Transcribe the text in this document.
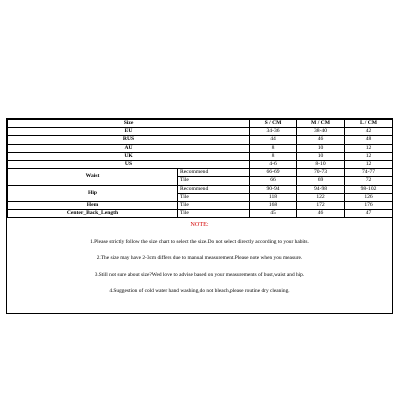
Size		S / CM	M / CM	L / CM
EU		34-36	38-40	42
RUS		44	46	48
AU		8	10	12
UK		8	10	12
US		4-6	8-10	12
Waist	Recommend	66-69	70-73	74-77
	Tile	66	69	72
Hip	Recommend	90-94	94-98	98-102
	Tile	118	122	126
Hem	Tile	168	172	176
Center_Back_Length	Tile	45	46	47
NOTE:
1.Please strictly follow the size chart to select the size.Do not select directly according to your habits.
2.The size may have 2-3cm differs due to manual measurement.Please note when you measure.
3.Still not sure about size?Wed love to advise based on your measurements of bust,waist and hip.
4.Suggestion of cold water hand washing,do not bleach,please routine dry cleaning.
